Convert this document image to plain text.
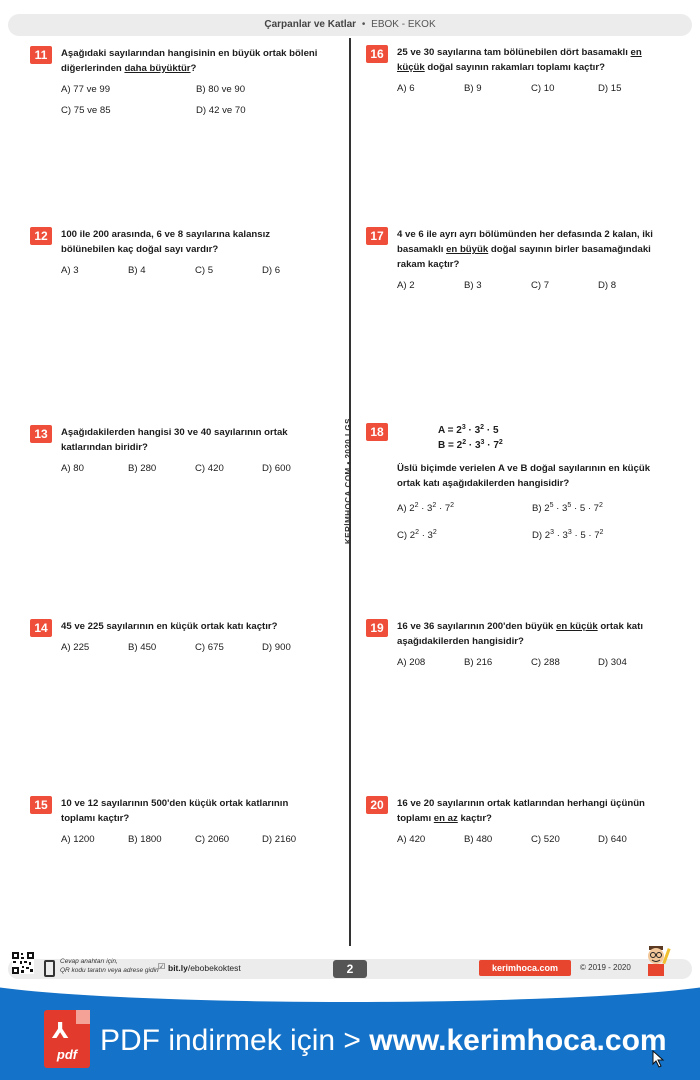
Çarpanlar ve Katlar • EBOK - EKOK
KERİMHOCA.COM • 2020 LGS
11	Aşağıdaki sayılarından hangisinin en büyük ortak böleni diğerlerinden daha büyüktür?
A) 77 ve 99	B) 80 ve 90
C) 75 ve 85	D) 42 ve 70
12	100 ile 200 arasında, 6 ve 8 sayılarına kalansız bölünebilen kaç doğal sayı vardır?
A) 3	B) 4	C) 5	D) 6
13	Aşağıdakilerden hangisi 30 ve 40 sayılarının ortak katlarından biridir?
A) 80	B) 280	C) 420	D) 600
14	45 ve 225 sayılarının en küçük ortak katı kaçtır?
A) 225	B) 450	C) 675	D) 900
15	10 ve 12 sayılarının 500'den küçük ortak katlarının toplamı kaçtır?
A) 1200	B) 1800	C) 2060	D) 2160
16	25 ve 30 sayılarına tam bölünebilen dört basamaklı en küçük doğal sayının rakamları toplamı kaçtır?
A) 6	B) 9	C) 10	D) 15
17	4 ve 6 ile ayrı ayrı bölümünden her defasında 2 kalan, iki basamaklı en büyük doğal sayının birler basamağındaki rakam kaçtır?
A) 2	B) 3	C) 7	D) 8
18	$A = 2^3 \cdot 3^2 \cdot 5$
$B = 2^2 \cdot 3^3 \cdot 7^2$
Üslü biçimde verielen A ve B doğal sayılarının en küçük ortak katı aşağıdakilerden hangisidir?
A) $2^2 \cdot 3^2 \cdot 7^2$	B) $2^5 \cdot 3^5 \cdot 5 \cdot 7^2$
C) $2^2 \cdot 3^2$	D) $2^3 \cdot 3^3 \cdot 5 \cdot 7^2$
19	16 ve 36 sayılarının 200'den büyük en küçük ortak katı aşağıdakilerden hangisidir?
A) 208	B) 216	C) 288	D) 304
20	16 ve 20 sayılarının ortak katlarından herhangi üçünün toplamı en az kaçtır?
A) 420	B) 480	C) 520	D) 640
Cevap anahtarı için,
QR kodu taratın veya adrese gidin ☑ bit.ly/ebobekoktest	2	kerimhoca.com	© 2019 - 2020
⅄
pdf PDF indirmek için > www.kerimhoca.com
